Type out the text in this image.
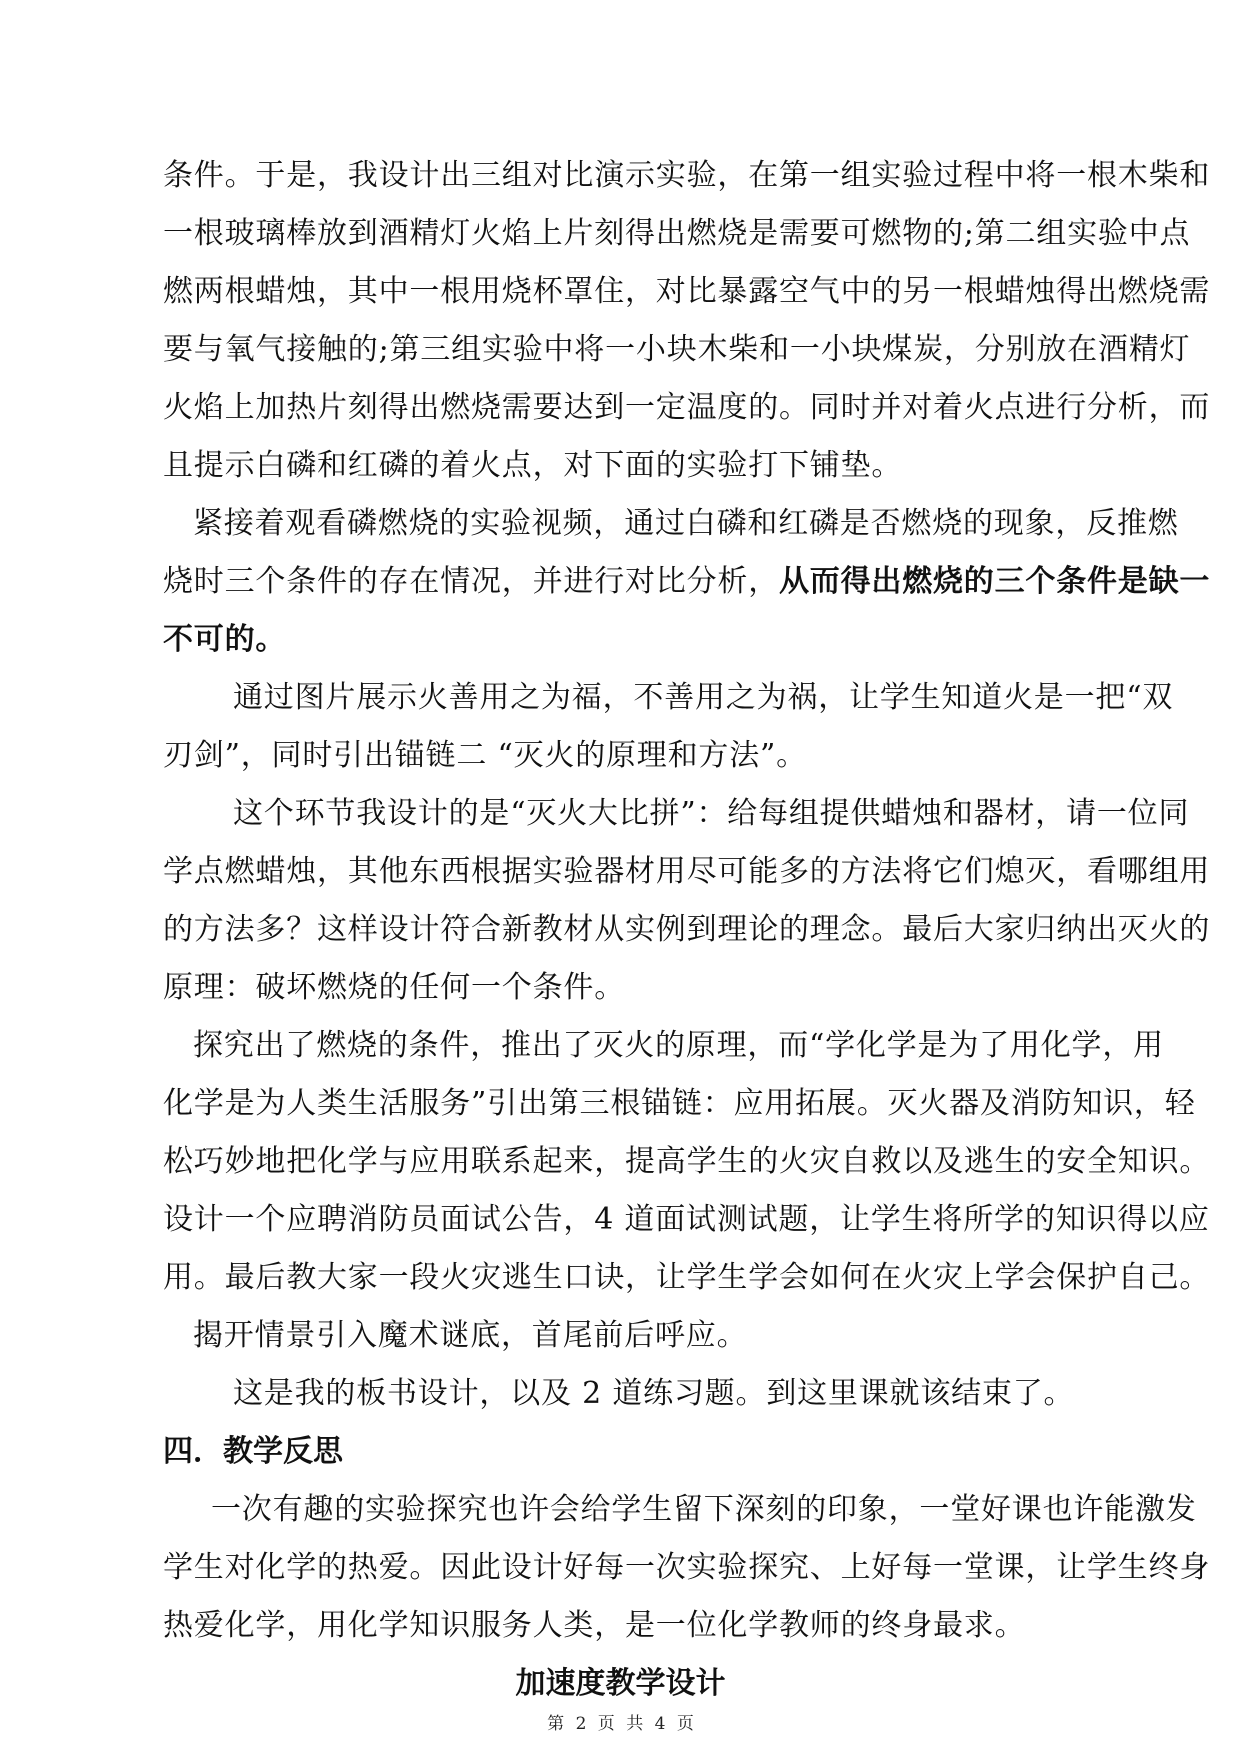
条件。于是，我设计出三组对比演示实验，在第一组实验过程中将一根木柴和
一根玻璃棒放到酒精灯火焰上片刻得出燃烧是需要可燃物的;第二组实验中点
燃两根蜡烛，其中一根用烧杯罩住，对比暴露空气中的另一根蜡烛得出燃烧需
要与氧气接触的;第三组实验中将一小块木柴和一小块煤炭，分别放在酒精灯
火焰上加热片刻得出燃烧需要达到一定温度的。同时并对着火点进行分析，而
且提示白磷和红磷的着火点，对下面的实验打下铺垫。
紧接着观看磷燃烧的实验视频，通过白磷和红磷是否燃烧的现象，反推燃
烧时三个条件的存在情况，并进行对比分析，从而得出燃烧的三个条件是缺一
不可的。
通过图片展示火善用之为福，不善用之为祸，让学生知道火是一把“双
刃剑”，同时引出锚链二 “灭火的原理和方法”。
这个环节我设计的是“灭火大比拼”：给每组提供蜡烛和器材，请一位同
学点燃蜡烛，其他东西根据实验器材用尽可能多的方法将它们熄灭，看哪组用
的方法多？这样设计符合新教材从实例到理论的理念。最后大家归纳出灭火的
原理：破坏燃烧的任何一个条件。
探究出了燃烧的条件，推出了灭火的原理，而“学化学是为了用化学，用
化学是为人类生活服务”引出第三根锚链：应用拓展。灭火器及消防知识，轻
松巧妙地把化学与应用联系起来，提高学生的火灾自救以及逃生的安全知识。
设计一个应聘消防员面试公告，4 道面试测试题，让学生将所学的知识得以应
用。最后教大家一段火灾逃生口诀，让学生学会如何在火灾上学会保护自己。
揭开情景引入魔术谜底，首尾前后呼应。
这是我的板书设计，以及 2 道练习题。到这里课就该结束了。
四．教学反思
一次有趣的实验探究也许会给学生留下深刻的印象，一堂好课也许能激发
学生对化学的热爱。因此设计好每一次实验探究、上好每一堂课，让学生终身
热爱化学，用化学知识服务人类，是一位化学教师的终身最求。
加速度教学设计
第 2 页 共 4 页
